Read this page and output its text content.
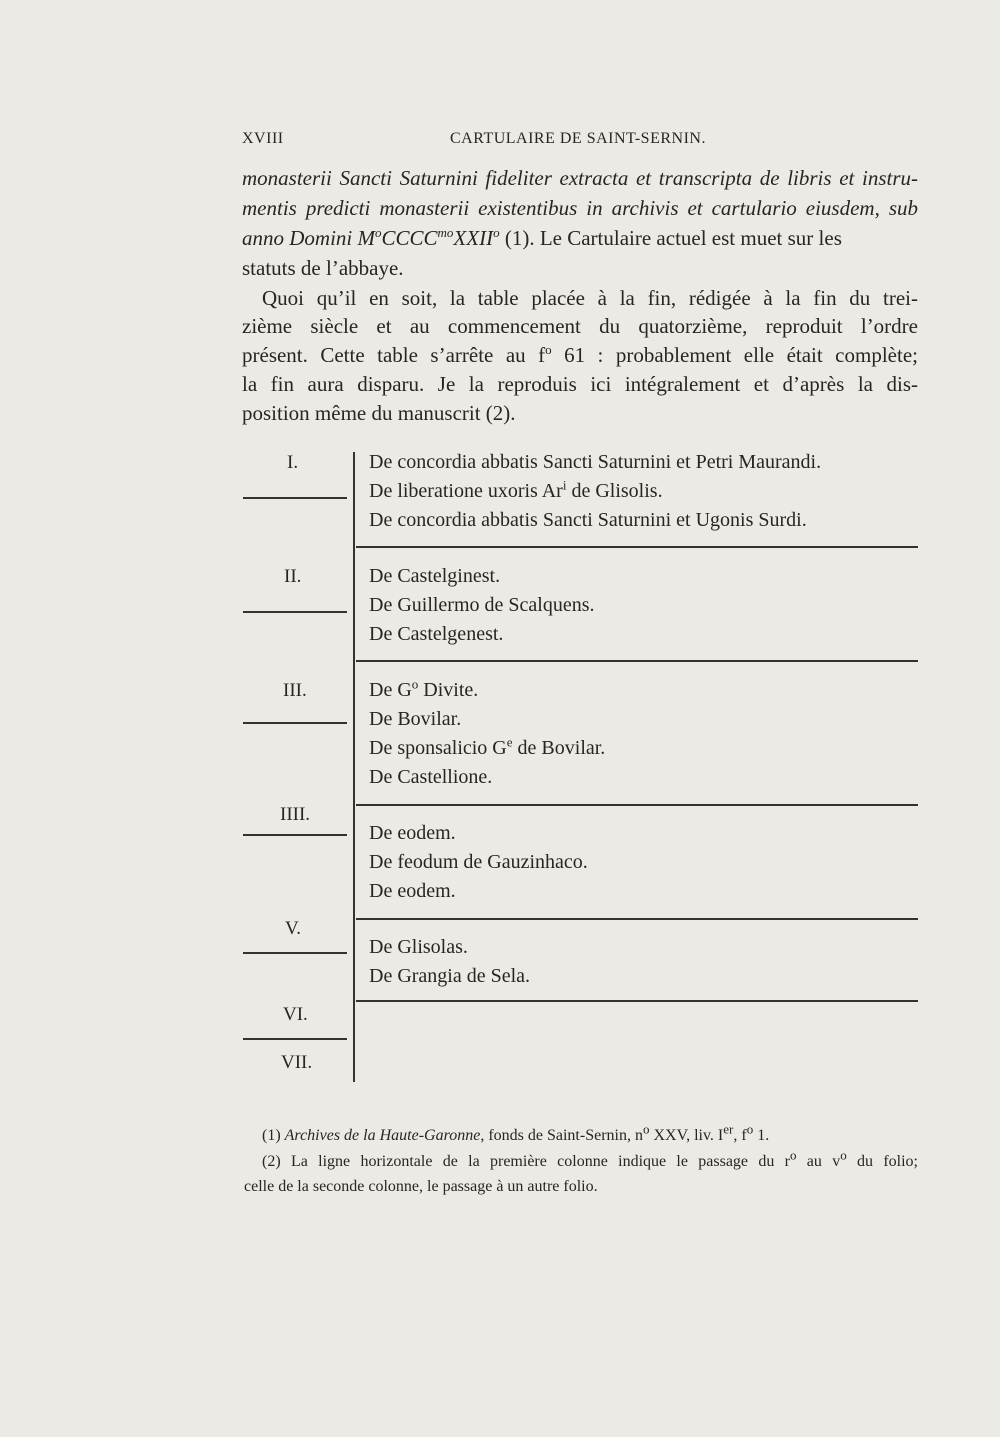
XVIII	CARTULAIRE DE SAINT-SERNIN.
monasterii Sancti Saturnini fideliter extracta et transcripta de libris et instru-
mentis predicti monasterii existentibus in archivis et cartulario eiusdem, sub
anno Domini $M^oCCCC^{mo}XXII^o$ (1). Le Cartulaire actuel est muet sur les
statuts de l’abbaye.
Quoi qu’il en soit, la table placée à la fin, rédigée à la fin du trei-
zième siècle et au commencement du quatorzième, reproduit l’ordre
présent. Cette table s’arrête au $f^o$ 61 : probablement elle était complète;
la fin aura disparu. Je la reproduis ici intégralement et d’après la dis-
position même du manuscrit (2).
I.
II.
III.
IIII.
V.
VI.
VII.
De concordia abbatis Sancti Saturnini et Petri Maurandi.
De liberatione uxoris Ar$^i$ de Glisolis.
De concordia abbatis Sancti Saturnini et Ugonis Surdi.
De Castelginest.
De Guillermo de Scalquens.
De Castelgenest.
De $G^o$ Divite.
De Bovilar.
De sponsalicio $G^e$ de Bovilar.
De Castellione.
De eodem.
De feodum de Gauzinhaco.
De eodem.
De Glisolas.
De Grangia de Sela.
(1) Archives de la Haute-Garonne, fonds de Saint-Sernin, $n^o$ XXV, liv. Ier, $f^o$ 1.
(2) La ligne horizontale de la première colonne indique le passage du $r^o$ au $v^o$ du folio;
celle de la seconde colonne, le passage à un autre folio.
